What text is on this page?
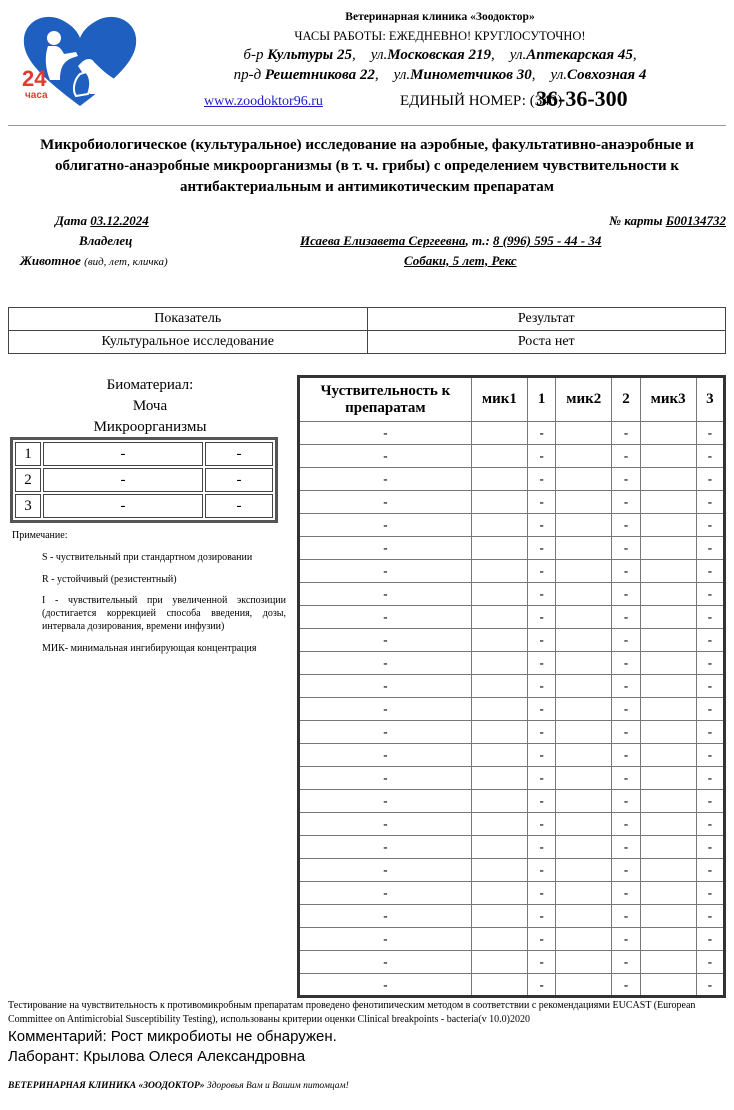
24
часа
Ветеринарная клиника «Зоодоктор»
ЧАСЫ РАБОТЫ: ЕЖЕДНЕВНО! КРУГЛОСУТОЧНО!
б-р Культуры 25, ул.Московская 219, ул.Аптекарская 45,
пр-д Решетникова 22, ул.Минометчиков 30, ул.Совхозная 4
www.zoodoktor96.ru	ЕДИНЫЙ НОМЕР: (343)
36-36-300
Микробиологическое (культуральное) исследование на аэробные, факультативно-анаэробные и облигатно-анаэробные микроорганизмы (в т. ч. грибы) с определением чувствительности к антибактериальным и антимикотическим препаратам
Дата 03.12.2024	№ карты Б00134732
Владелец	Исаева Елизавета Сергеевна, т.: 8 (996) 595 - 44 - 34
Животное (вид, лет, кличка)	Собаки, 5 лет, Рекс
Показатель	Результат
Культуральное исследование	Роста нет
Биоматериал:
Моча
Микроорганизмы
1	-	-
2	-	-
3	-	-
Примечание:
S - чуствительный при стандартном дозировании
R - устойчивый (резистентный)
I - чувствительный при увеличенной экспозиции (достигается коррекцией способа введения, дозы, интервала дозирования, времени инфузии)
МИК- минимальная ингибирующая концентрация
Чуствительность к препаратам	мик1	1	мик2	2	мик3	3
-		-		-		-
-		-		-		-
-		-		-		-
-		-		-		-
-		-		-		-
-		-		-		-
-		-		-		-
-		-		-		-
-		-		-		-
-		-		-		-
-		-		-		-
-		-		-		-
-		-		-		-
-		-		-		-
-		-		-		-
-		-		-		-
-		-		-		-
-		-		-		-
-		-		-		-
-		-		-		-
-		-		-		-
-		-		-		-
-		-		-		-
-		-		-		-
-		-		-		-
Тестирование на чувствительность к противомикробным препаратам проведено фенотипическим методом в соответствии с рекомендациями EUCAST (European Committee on Antimicrobial Susceptibility Testing), использованы критерии оценки Clinical breakpoints - bacteria(v 10.0)2020
Комментарий: Рост микробиоты не обнаружен.
Лаборант: Крылова Олеся Александровна
ВЕТЕРИНАРНАЯ КЛИНИКА «ЗООДОКТОР» Здоровья Вам и Вашим питомцам!
